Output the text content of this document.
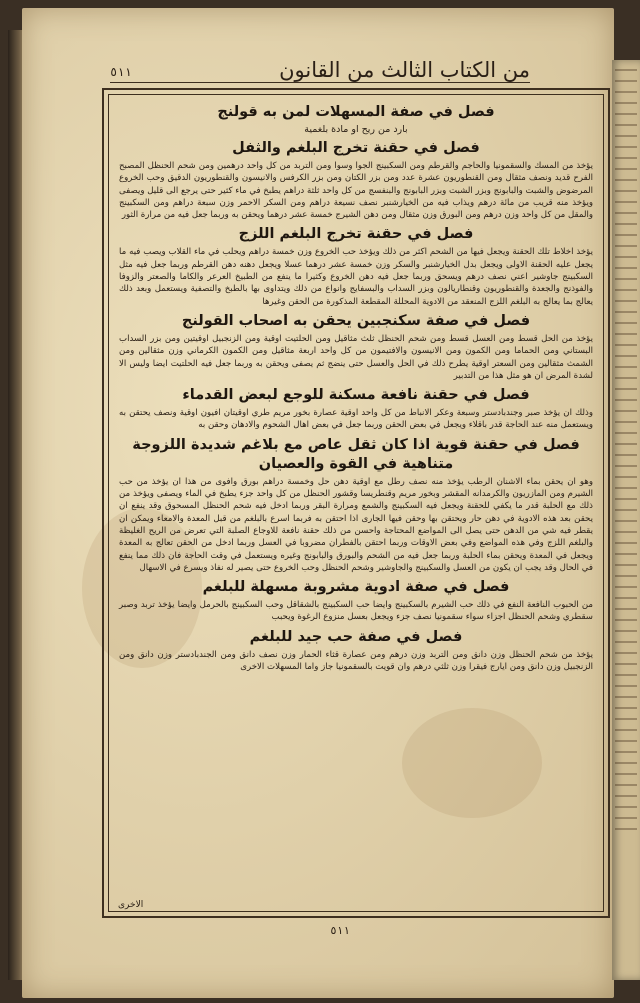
٥١١	من الكتاب الثالث من القانون
فصل في صفة المسهلات لمن به قولنج
بارد من ريح او مادة بلغمية
فصل في حقنة تخرج البلغم والثفل
يؤخذ من المسك والسقمونيا والحاجم والقرطم ومن السكبينج الجوا وسوا ومن التربد من كل واحد درهمين ومن شحم الحنظل المصبح الفرح قديد ونصف مثقال ومن القنطوريون عشرة عدد ومن بزر الكتان ومن بزر الكرفس والانيسون والقنطوريون الدقيق وحب الخروع المرضوض والشبت والبابونج وبزر الشبت وبزر البابونج والبنفسج من كل واحد ثلثة دراهم يطبخ في ماء كثير حتى يرجع الى قليل ويصفى ويؤخذ منه قريب من مائة درهم ويذاب فيه من الخيارشنبر نصف نسيعة دراهم ومن السكر الاحمر وزن سبعة دراهم ومن السكبينج والمقل من كل واحد وزن درهم ومن البورق وزن مثقال ومن دهن الشيرج خمسة عشر درهما ويحقن به وربما جعل فيه من مرارة الثور
فصل في حقنة تخرج البلغم اللزج
يؤخذ اخلاط تلك الحقنة ويجعل فيها من الشحم اكثر من ذلك ويؤخذ حب الخروع وزن خمسة دراهم ويحلب في ماء القلاب ويصب فيه ما يجعل عليه الحقنة الاولى ويجعل بدل الخيارشنبر والسكر وزن خمسة عشر درهما عسلا ويجعل دهنه دهن القرطم وربما جعل فيه مثل السكبينج جاوشير اعني نصف درهم ويسحق وربما جعل فيه دهن الخروع وكثيرا ما ينفع من الطبيخ العرعر والكاما والصعتر والزوفا والفوذنج والجعدة والقنطوريون وقنطاريالون وبزر السداب والبسفايج وانواع من ذلك ويتداوى بها بالطبخ والتصفية ويستعمل وبعد ذلك يعالج بما يعالج به البلغم اللزج المنعقد من الادوية المحللة المقطعة المذكورة من الحقن وغيرها
فصل في صفة سكنجبين يحقن به اصحاب القولنج
يؤخذ من الحل قسط ومن العسل قسط ومن شحم الحنظل ثلث مثاقيل ومن الحلتيت اوقية ومن الزنجبيل اوقيتين ومن بزر السداب البستاني ومن الحماما ومن الكمون ومن الانيسون والافتيمون من كل واحد اربعة مثاقيل ومن الكمون الكرماني وزن مثقالين ومن الشمث مثقالين ومن السعتر اوقية يطرح ذلك في الحل والعسل حتى ينضج ثم يصفى ويحقن به وربما جعل فيه الحلتيت ايضا وليس الا لشدة المرض ان هو مثل هذا من التدبير
فصل في حقنة نافعة مسكنة للوجع لبعض القدماء
وذلك ان يؤخذ صبر وجندبادستر وسبعة وعكر الانباط من كل واحد اوقية عصارة بخور مريم طري اوقيتان افيون اوقية ونصف يحتقن به ويستعمل منه عند الحاجة قدر باقلاء ويجعل في بعض الحقن وربما جعل في بعض اهال الشحوم والادهان وحقن به
فصل في حقنة قوية اذا كان ثقل عاص مع بلاغم شديدة اللزوجة متناهية في القوة والعصيان
وهو ان يحقن بماء الاشنان الرطب يؤخذ منه نصف رطل مع اوقية دهن حل وخمسة دراهم بورق وافوى من هذا ان يؤخذ من حب الشيرم ومن المازريون والكرمدانه المقشر وبخور مريم وقنطريسا وقشور الحنظل من كل واحد جزء يطبخ في الماء ويصفى ويؤخذ من ذلك مع الحلبة قدر ما يكفي للحقنة ويجعل فيه السكبينج والشمع ومرارة البقر وربما ادخل فيه شحم الحنظل المسحوق وقد ينفع ان يحقن بعد هذه الادوية في دهن حار ويحتقن بها وحقن فيها الجارى اذا احتقن به فربما اسرع بالبلغم من قبل المعدة والامعاء ويمكن ان يقطر فيه شي من الدهن حتى يصل الى المواضع المحتاجة واحسن من ذلك حقنة نافعة للاوجاع الصلبة التي تعرض من الريح الغليظة والبلغم اللزج وفي هذه المواضع وفي بعض الاوقات وربما احتقن بالفطران مضروبا في العسل وربما ادخل من الحقن تعالج به المعدة ويجعل في المعدة ويحقن بماء الحلبة وربما جعل فيه من الشحم والبورق والبابونج وغيره ويستعمل في وقت الحاجة فان ذلك مما ينفع في الحال وقد يجب ان يكون من العسل والسكبينج والجاوشير وشحم الحنظل وحب الخروع حتى يصير له نفاذ ويسرع في الاسهال
فصل في صفة ادوية مشروبة مسهلة للبلغم
من الحبوب النافعة النفع في ذلك حب الشيرم بالسكبينج وايضا حب السكبينج بالشقاقل وحب السكبينج بالحرمل وايضا يؤخذ تربد وصبر سقطري وشحم الحنظل اجزاء سواء سقمونيا نصف جزء ويجعل بعسل منزوع الرغوة ويحبب
فصل في صفة حب جيد للبلغم
يؤخذ من شحم الحنظل وزن دانق ومن التربد وزن درهم ومن عصارة قثاء الحمار وزن نصف دانق ومن الجندبادستر وزن دانق ومن الزنجبيل وزن دانق ومن ايارج فيقرا وزن ثلثي درهم وان قويت بالسقمونيا جاز واما المسهلات الاخرى
٥١١
الاخرى
